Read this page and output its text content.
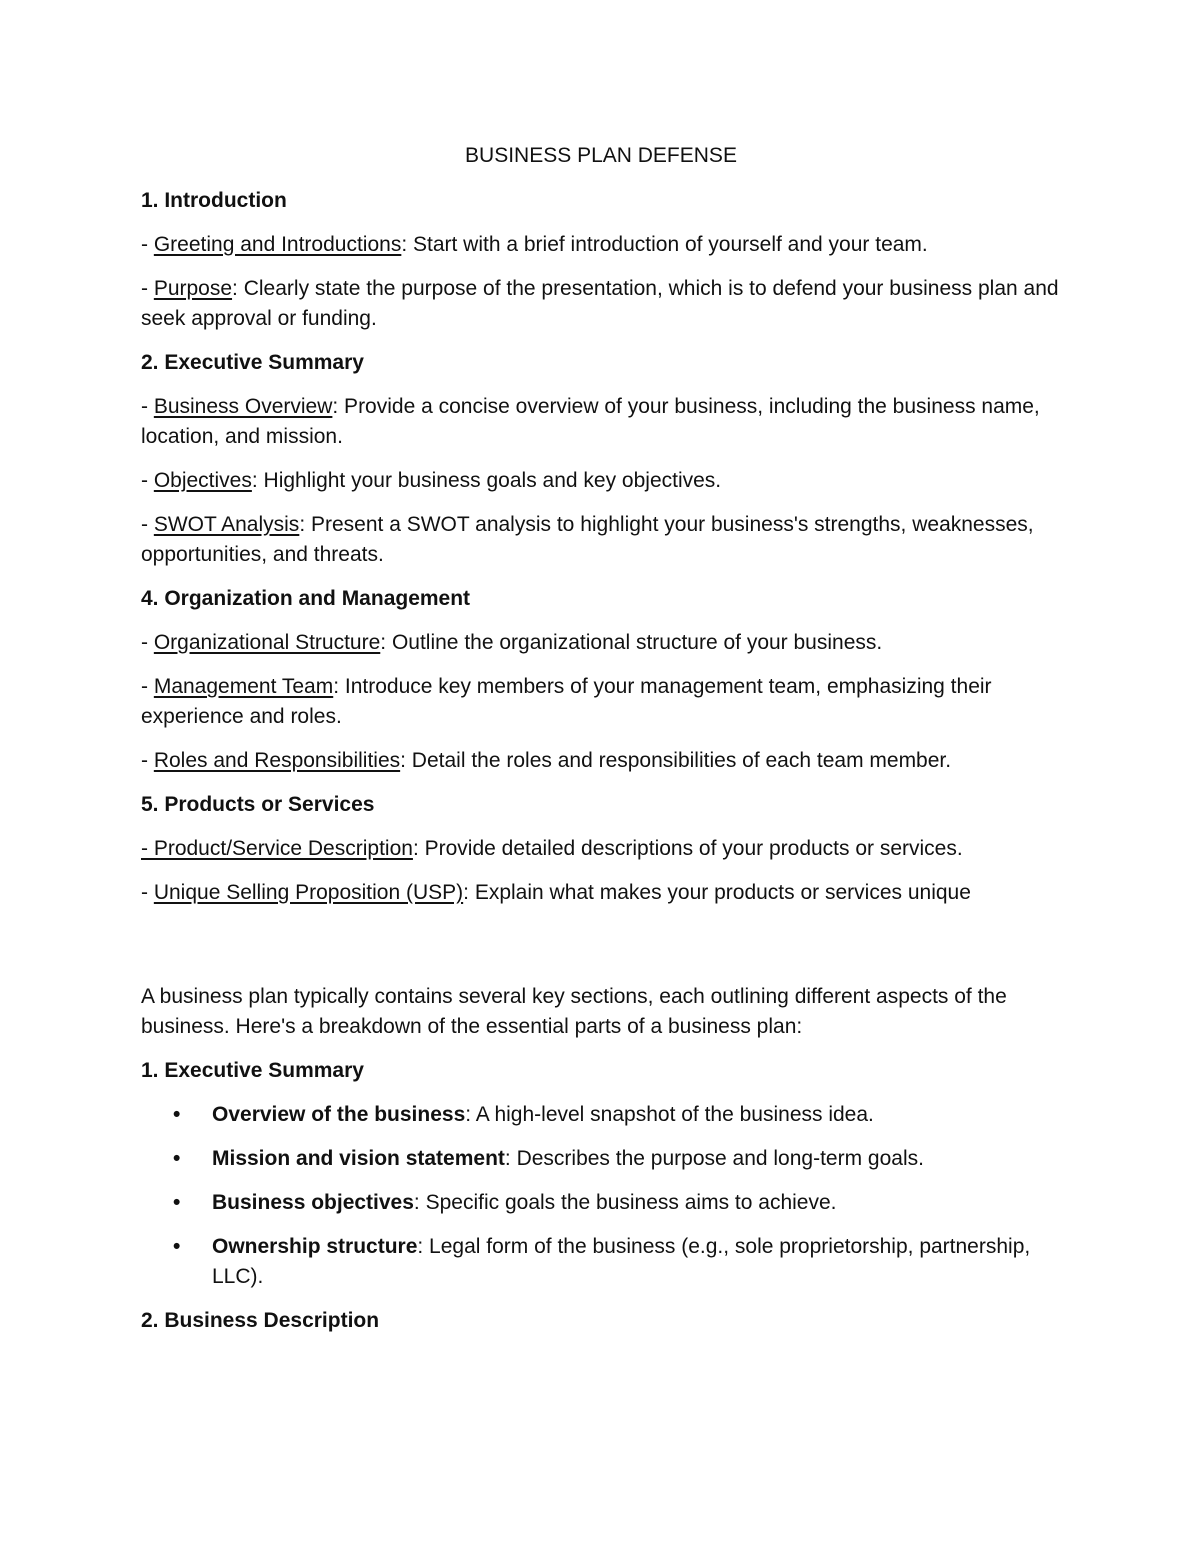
BUSINESS PLAN DEFENSE
1. Introduction
- Greeting and Introductions: Start with a brief introduction of yourself and your team.
- Purpose: Clearly state the purpose of the presentation, which is to defend your business plan and seek approval or funding.
2. Executive Summary
- Business Overview: Provide a concise overview of your business, including the business name, location, and mission.
- Objectives: Highlight your business goals and key objectives.
- SWOT Analysis: Present a SWOT analysis to highlight your business's strengths, weaknesses, opportunities, and threats.
4. Organization and Management
- Organizational Structure: Outline the organizational structure of your business.
- Management Team: Introduce key members of your management team, emphasizing their experience and roles.
- Roles and Responsibilities: Detail the roles and responsibilities of each team member.
5. Products or Services
- Product/Service Description: Provide detailed descriptions of your products or services.
- Unique Selling Proposition (USP): Explain what makes your products or services unique
A business plan typically contains several key sections, each outlining different aspects of the business. Here's a breakdown of the essential parts of a business plan:
1. Executive Summary
• Overview of the business: A high-level snapshot of the business idea.
• Mission and vision statement: Describes the purpose and long-term goals.
• Business objectives: Specific goals the business aims to achieve.
• Ownership structure: Legal form of the business (e.g., sole proprietorship, partnership, LLC).
2. Business Description
